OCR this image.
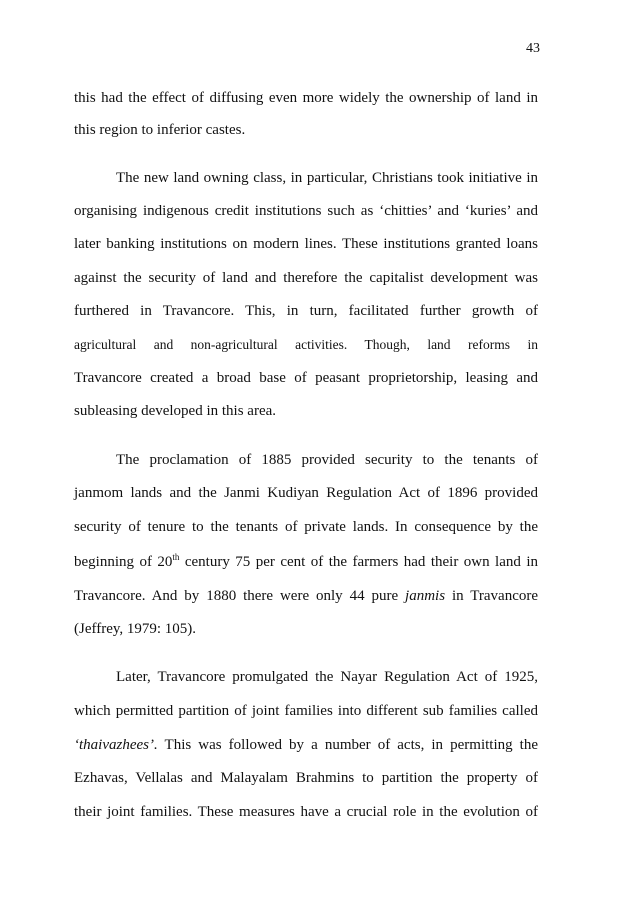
43
this had the effect of diffusing even more widely the ownership of land in
this region to inferior castes.
The new land owning class, in particular, Christians took initiative in
organising indigenous credit institutions such as ‘chitties’ and ‘kuries’ and
later banking institutions on modern lines. These institutions granted loans
against the security of land and therefore the capitalist development was
furthered in Travancore. This, in turn, facilitated further growth of
agricultural and non-agricultural activities. Though, land reforms in
Travancore created a broad base of peasant proprietorship, leasing and
subleasing developed in this area.
The proclamation of 1885 provided security to the tenants of
janmom lands and the Janmi Kudiyan Regulation Act of 1896 provided
security of tenure to the tenants of private lands. In consequence by the
beginning of 20th century 75 per cent of the farmers had their own land in
Travancore. And by 1880 there were only 44 pure janmis in Travancore
(Jeffrey, 1979: 105).
Later, Travancore promulgated the Nayar Regulation Act of 1925,
which permitted partition of joint families into different sub families called
‘thaivazhees’. This was followed by a number of acts, in permitting the
Ezhavas, Vellalas and Malayalam Brahmins to partition the property of
their joint families. These measures have a crucial role in the evolution of
